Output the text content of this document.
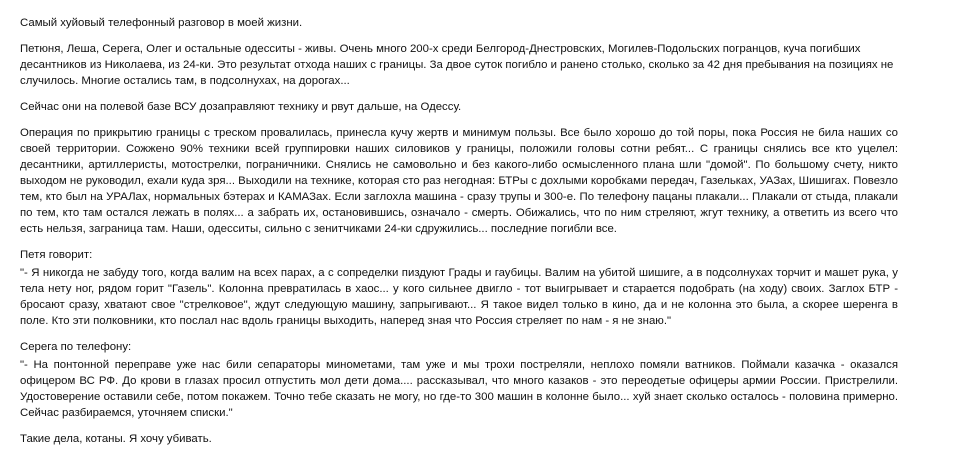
Самый хуйовый телефонный разговор в моей жизни.

Петюня, Леша, Серега, Олег и остальные одесситы - живы. Очень много 200-х среди Белгород-Днестровских, Могилев-Подольских погранцов, куча погибших десантников из Николаева, из 24-ки. Это результат отхода наших с границы. За двое суток погибло и ранено столько, сколько за 42 дня пребывания на позициях не случилось. Многие остались там, в подсолнухах, на дорогах...

Сейчас они на полевой базе ВСУ дозаправляют технику и рвут дальше, на Одессу.

Операция по прикрытию границы с треском провалилась, принесла кучу жертв и минимум пользы. Все было хорошо до той поры, пока Россия не била наших со своей территории. Сожжено 90% техники всей группировки наших силовиков у границы, положили головы сотни ребят... С границы снялись все кто уцелел: десантники, артиллеристы, мотострелки, пограничники. Снялись не самовольно и без какого-либо осмысленного плана шли "домой". По большому счету, никто выходом не руководил, ехали куда зря... Выходили на технике, которая сто раз негодная: БТРы с дохлыми коробками передач, Газельках, УАЗах, Шишигах. Повезло тем, кто был на УРАЛах, нормальных бэтерах и КАМАЗах. Если заглохла машина - сразу трупы и 300-е. По телефону пацаны плакали... Плакали от стыда, плакали по тем, кто там остался лежать в полях... а забрать их, остановившись, означало - смерть. Обижались, что по ним стреляют, жгут технику, а ответить из всего что есть нельзя, заграница там. Наши, одесситы, сильно с зенитчиками 24-ки сдружились... последние погибли все.

Петя говорит:

"- Я никогда не забуду того, когда валим на всех парах, а с сопределки пиздуют Грады и гаубицы. Валим на убитой шишиге, а в подсолнухах торчит и машет рука, у тела нету ног, рядом горит "Газель". Колонна превратилась в хаос... у кого сильнее двигло - тот выигрывает и старается подобрать (на ходу) своих. Заглох БТР - бросают сразу, хватают свое "стрелковое", ждут следующую машину, запрыгивают... Я такое видел только в кино, да и не колонна это была, а скорее шеренга в поле. Кто эти полковники, кто послал нас вдоль границы выходить, наперед зная что Россия стреляет по нам - я не знаю."

Серега по телефону:

"- На понтонной переправе уже нас били сепараторы минометами, там уже и мы трохи постреляли, неплохо помяли ватников. Поймали казачка - оказался офицером ВС РФ. До крови в глазах просил отпустить мол дети дома.... рассказывал, что много казаков - это переодетые офицеры армии России. Пристрелили. Удостоверение оставили себе, потом покажем. Точно тебе сказать не могу, но где-то 300 машин в колонне было... хуй знает сколько осталось - половина примерно. Сейчас разбираемся, уточняем списки."

Такие дела, котаны. Я хочу убивать.
